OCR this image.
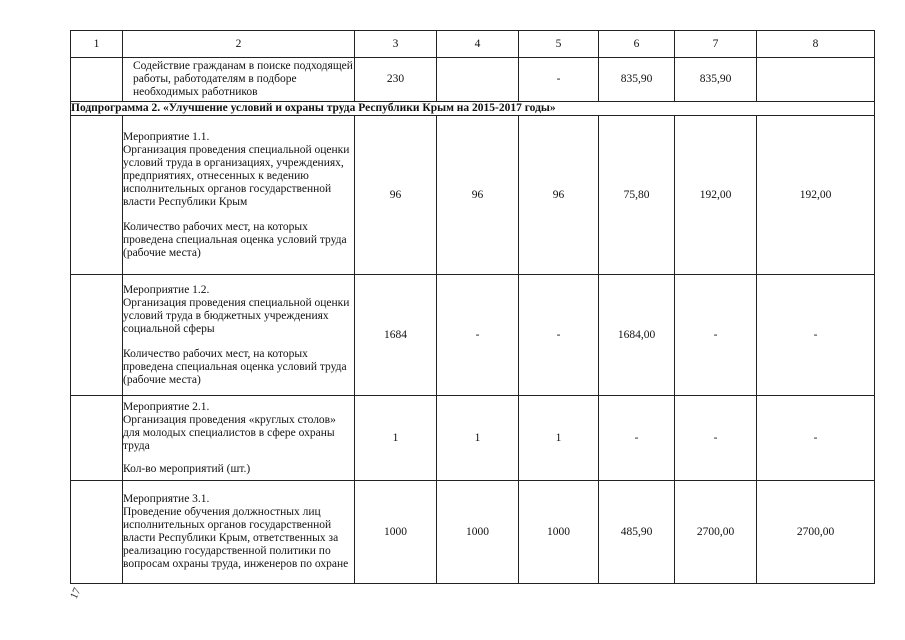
1	2	3	4	5	6	7	8
	Содействие гражданам в поиске подходящей работы, работодателям в подборе необходимых работников	230		-	835,90	835,90	
Подпрограмма 2. «Улучшение условий и охраны труда Республики Крым на 2015-2017 годы»							

	Мероприятие 1.1.
Организация проведения специальной оценки условий труда в организациях, учреждениях, предприятиях, отнесенных к ведению исполнительных органов государственной власти Республики Крым
Количество рабочих мест, на которых проведена специальная оценка условий труда (рабочие места)	96	96	96	75,80	192,00	192,00

	Мероприятие 1.2.
Организация проведения специальной оценки условий труда в бюджетных учреждениях социальной сферы
Количество рабочих мест, на которых проведена специальная оценка условий труда (рабочие места)	1684	-	-	1684,00	-	-

	Мероприятие 2.1.
Организация проведения «круглых столов» для молодых специалистов в сфере охраны труда
Кол-во мероприятий (шт.)	1	1	1	-	-	-

	Мероприятие 3.1.
Проведение обучения должностных лиц исполнительных органов государственной власти Республики Крым, ответственных за реализацию государственной политики по вопросам охраны труда, инженеров по охране	1000	1000	1000	485,90	2700,00	2700,00
17
